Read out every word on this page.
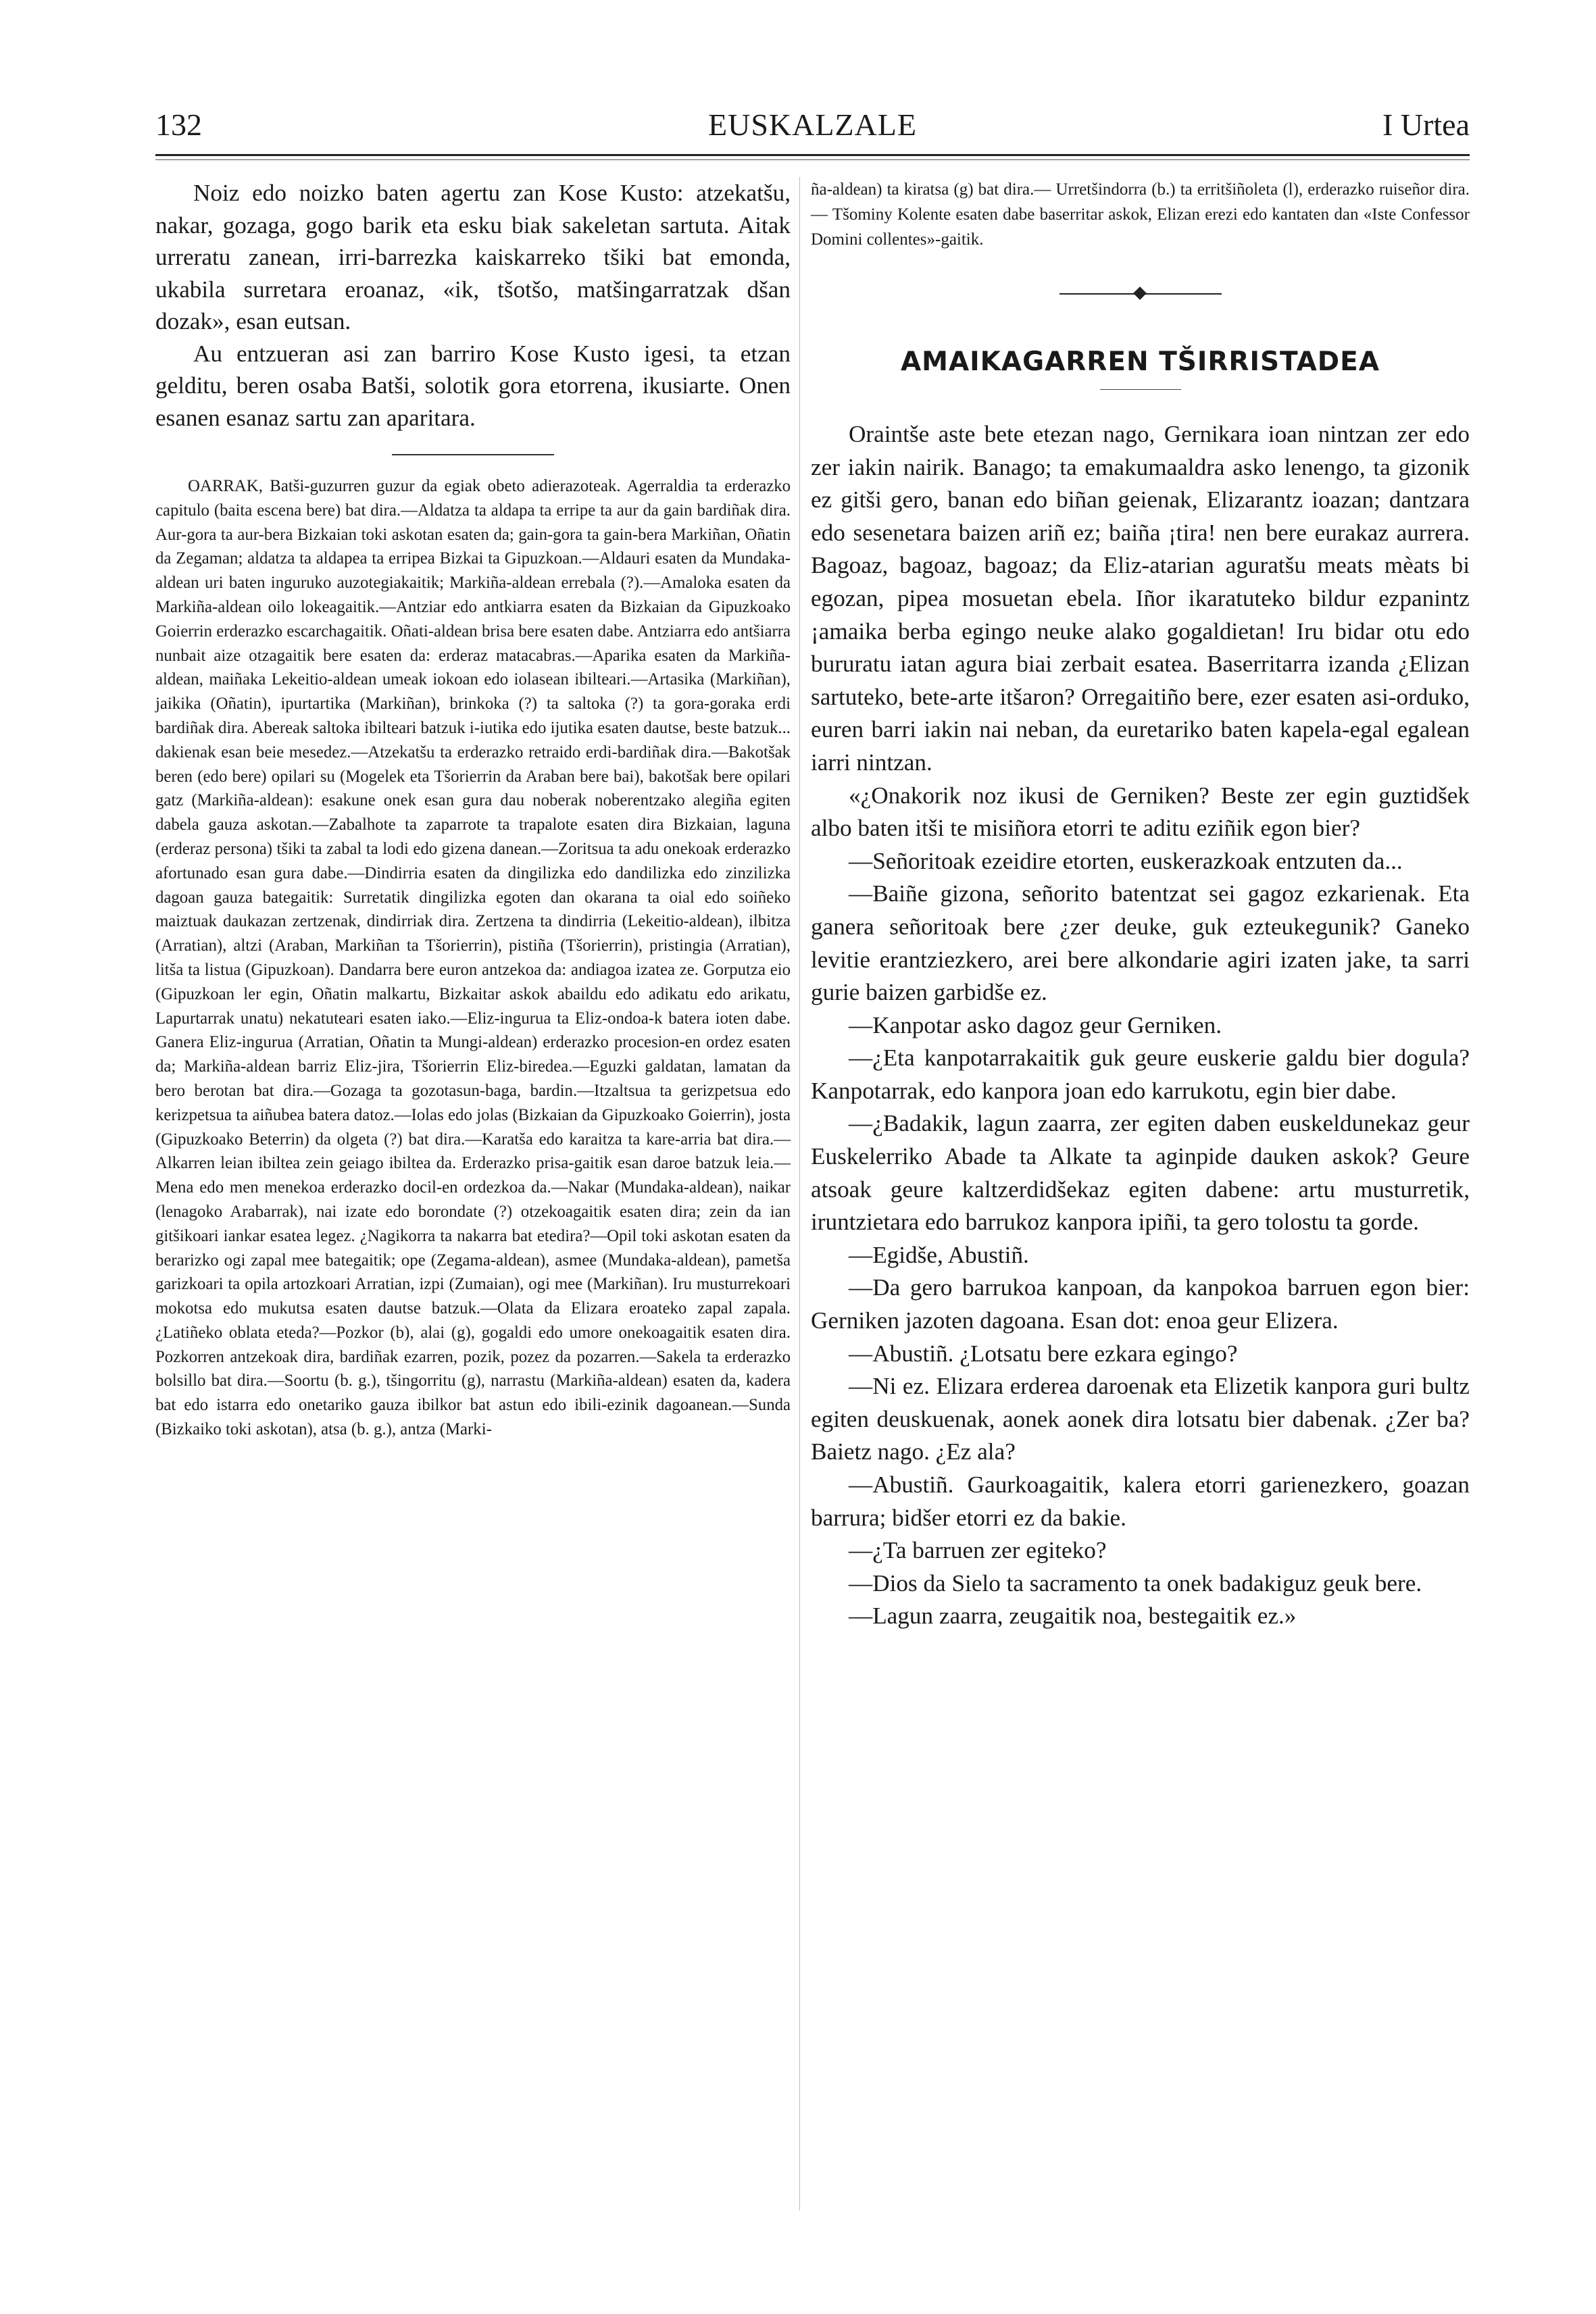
132	EUSKALZALE	I Urtea

Noiz edo noizko baten agertu zan Kose Kusto: atzekatšu, nakar, gozaga, gogo barik eta esku biak sakeletan sartuta. Aitak urreratu zanean, irri-barrezka kaiskarreko tšiki bat emonda, ukabila surretara eroanaz, «ik, tšotšo, matšingarratzak dšan dozak», esan eutsan.

Au entzueran asi zan barriro Kose Kusto igesi, ta etzan gelditu, beren osaba Batši, solotik gora etorrena, ikusiarte. Onen esanen esanaz sartu zan aparitara.

OARRAK, Batši-guzurren guzur da egiak obeto adierazoteak. Agerraldia ta erderazko capitulo (baita escena bere) bat dira.—Aldatza ta aldapa ta erripe ta aur da gain bardiñak dira. Aur-gora ta aur-bera Bizkaian toki askotan esaten da; gain-gora ta gain-bera Markiñan, Oñatin da Zegaman; aldatza ta aldapea ta erripea Bizkai ta Gipuzkoan.—Aldauri esaten da Mundaka-aldean uri baten inguruko auzotegiakaitik; Markiña-aldean errebala (?).—Amaloka esaten da Markiña-aldean oilo lokeagaitik.—Antziar edo antkiarra esaten da Bizkaian da Gipuzkoako Goierrin erderazko escarchagaitik. Oñati-aldean brisa bere esaten dabe. Antziarra edo antšiarra nunbait aize otzagaitik bere esaten da: erderaz matacabras.—Aparika esaten da Markiña-aldean, maiñaka Lekeitio-aldean umeak iokoan edo iolasean ibilteari.—Artasika (Markiñan), jaikika (Oñatin), ipurtartika (Markiñan), brinkoka (?) ta saltoka (?) ta gora-goraka erdi bardiñak dira. Abereak saltoka ibilteari batzuk i-iutika edo ijutika esaten dautse, beste batzuk... dakienak esan beie mesedez.—Atzekatšu ta erderazko retraido erdi-bardiñak dira.—Bakotšak beren (edo bere) opilari su (Mogelek eta Tšorierrin da Araban bere bai), bakotšak bere opilari gatz (Markiña-aldean): esakune onek esan gura dau noberak noberentzako alegiña egiten dabela gauza askotan.—Zabalhote ta zaparrote ta trapalote esaten dira Bizkaian, laguna (erderaz persona) tšiki ta zabal ta lodi edo gizena danean.—Zoritsua ta adu onekoak erderazko afortunado esan gura dabe.—Dindirria esaten da dingilizka edo dandilizka edo zinzilizka dagoan gauza bategaitik: Surretatik dingilizka egoten dan okarana ta oial edo soiñeko maiztuak daukazan zertzenak, dindirriak dira. Zertzena ta dindirria (Lekeitio-aldean), ilbitza (Arratian), altzi (Araban, Markiñan ta Tšorierrin), pistiña (Tšorierrin), pristingia (Arratian), litša ta listua (Gipuzkoan). Dandarra bere euron antzekoa da: andiagoa izatea ze. Gorputza eio (Gipuzkoan ler egin, Oñatin malkartu, Bizkaitar askok abaildu edo adikatu edo arikatu, Lapurtarrak unatu) nekatuteari esaten iako.—Eliz-ingurua ta Eliz-ondoa-k batera ioten dabe. Ganera Eliz-ingurua (Arratian, Oñatin ta Mungi-aldean) erderazko procesion-en ordez esaten da; Markiña-aldean barriz Eliz-jira, Tšorierrin Eliz-biredea.—Eguzki galdatan, lamatan da bero berotan bat dira.—Gozaga ta gozotasun-baga, bardin.—Itzaltsua ta gerizpetsua edo kerizpetsua ta aiñubea batera datoz.—Iolas edo jolas (Bizkaian da Gipuzkoako Goierrin), josta (Gipuzkoako Beterrin) da olgeta (?) bat dira.—Karatša edo karaitza ta kare-arria bat dira.—Alkarren leian ibiltea zein geiago ibiltea da. Erderazko prisa-gaitik esan daroe batzuk leia.—Mena edo men menekoa erderazko docil-en ordezkoa da.—Nakar (Mundaka-aldean), naikar (lenagoko Arabarrak), nai izate edo borondate (?) otzekoagaitik esaten dira; zein da ian gitšikoari iankar esatea legez. ¿Nagikorra ta nakarra bat etedira?—Opil toki askotan esaten da berarizko ogi zapal mee bategaitik; ope (Zegama-aldean), asmee (Mundaka-aldean), pametša garizkoari ta opila artozkoari Arratian, izpi (Zumaian), ogi mee (Markiñan). Iru musturrekoari mokotsa edo mukutsa esaten dautse batzuk.—Olata da Elizara eroateko zapal zapala. ¿Latiñeko oblata eteda?—Pozkor (b), alai (g), gogaldi edo umore onekoagaitik esaten dira. Pozkorren antzekoak dira, bardiñak ezarren, pozik, pozez da pozarren.—Sakela ta erderazko bolsillo bat dira.—Soortu (b. g.), tšingorritu (g), narrastu (Markiña-aldean) esaten da, kadera bat edo istarra edo onetariko gauza ibilkor bat astun edo ibili-ezinik dagoanean.—Sunda (Bizkaiko toki askotan), atsa (b. g.), antza (Marki-

ña-aldean) ta kiratsa (g) bat dira.— Urretšindorra (b.) ta erritšiñoleta (l), erderazko ruiseñor dira.— Tšominy Kolente esaten dabe baserritar askok, Elizan erezi edo kantaten dan «Iste Confessor Domini collentes»-gaitik.

AMAIKAGARREN TŠIRRISTADEA

Oraintše aste bete etezan nago, Gernikara ioan nintzan zer edo zer iakin nairik. Banago; ta emakumaaldra asko lenengo, ta gizonik ez gitši gero, banan edo biñan geienak, Elizarantz ioazan; dantzara edo sesenetara baizen ariñ ez; baiña ¡tira! nen bere eurakaz aurrera. Bagoaz, bagoaz, bagoaz; da Eliz-atarian aguratšu meats mèats bi egozan, pipea mosuetan ebela. Iñor ikaratuteko bildur ezpanintz ¡amaika berba egingo neuke alako gogaldietan! Iru bidar otu edo bururatu iatan agura biai zerbait esatea. Baserritarra izanda ¿Elizan sartuteko, bete-arte itšaron? Orregaitiño bere, ezer esaten asi-orduko, euren barri iakin nai neban, da euretariko baten kapela-egal egalean iarri nintzan.

«¿Onakorik noz ikusi de Gerniken? Beste zer egin guztidšek albo baten itši te misiñora etorri te aditu eziñik egon bier?

—Señoritoak ezeidire etorten, euskerazkoak entzuten da...

—Baiñe gizona, señorito batentzat sei gagoz ezkarienak. Eta ganera señoritoak bere ¿zer deuke, guk ezteukegunik? Ganeko levitie erantziezkero, arei bere alkondarie agiri izaten jake, ta sarri gurie baizen garbidše ez.

—Kanpotar asko dagoz geur Gerniken.

—¿Eta kanpotarrakaitik guk geure euskerie galdu bier dogula? Kanpotarrak, edo kanpora joan edo karrukotu, egin bier dabe.

—¿Badakik, lagun zaarra, zer egiten daben euskeldunekaz geur Euskelerriko Abade ta Alkate ta aginpide dauken askok? Geure atsoak geure kaltzerdidšekaz egiten dabene: artu musturretik, iruntzietara edo barrukoz kanpora ipiñi, ta gero tolostu ta gorde.

—Egidše, Abustiñ.

—Da gero barrukoa kanpoan, da kanpokoa barruen egon bier: Gerniken jazoten dagoana. Esan dot: enoa geur Elizera.

—Abustiñ. ¿Lotsatu bere ezkara egingo?

—Ni ez. Elizara erderea daroenak eta Elizetik kanpora guri bultz egiten deuskuenak, aonek aonek dira lotsatu bier dabenak. ¿Zer ba? Baietz nago. ¿Ez ala?

—Abustiñ. Gaurkoagaitik, kalera etorri garienezkero, goazan barrura; bidšer etorri ez da bakie.

—¿Ta barruen zer egiteko?

—Dios da Sielo ta sacramento ta onek badakiguz geuk bere.

—Lagun zaarra, zeugaitik noa, bestegaitik ez.»
